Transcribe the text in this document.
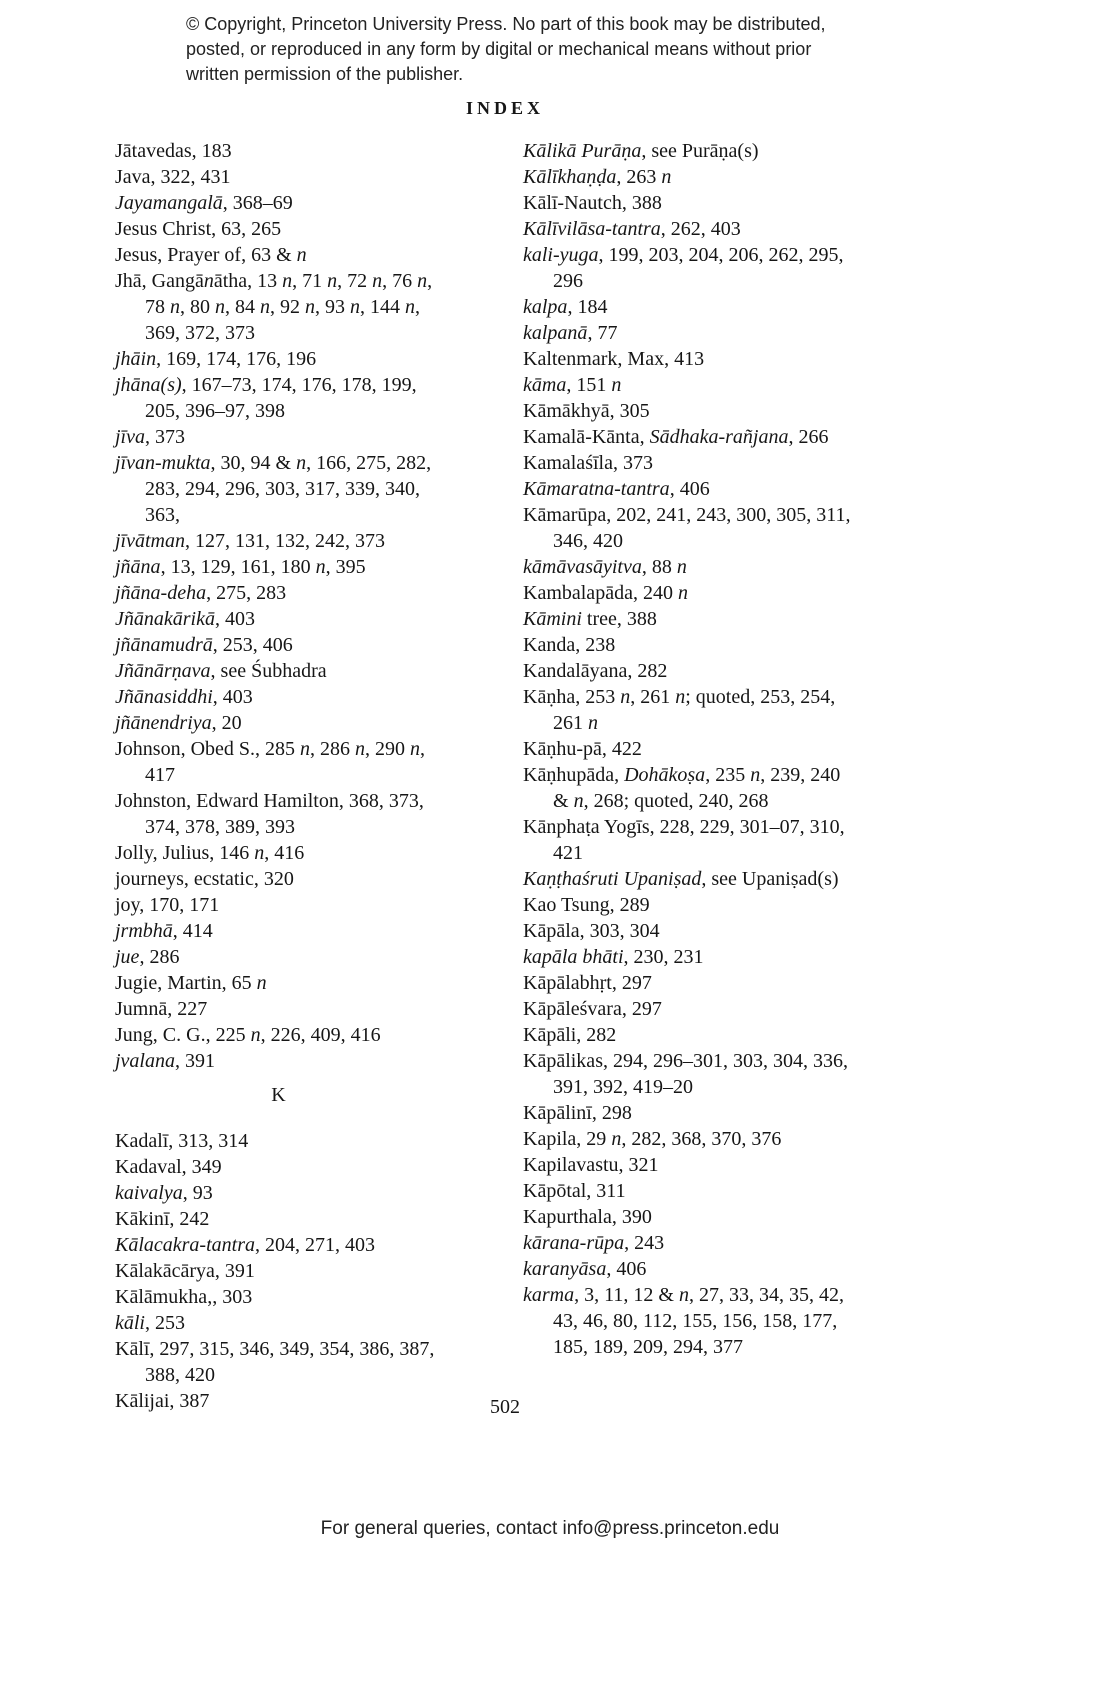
© Copyright, Princeton University Press. No part of this book may be distributed, posted, or reproduced in any form by digital or mechanical means without prior written permission of the publisher.

INDEX
Jātavedas, 183
Java, 322, 431
Jayamangalā, 368–69
Jesus Christ, 63, 265
Jesus, Prayer of, 63 & n
Jhā, Gangānātha, 13 n, 71 n, 72 n, 76 n, 78 n, 80 n, 84 n, 92 n, 93 n, 144 n, 369, 372, 373
jhāin, 169, 174, 176, 196
jhāna(s), 167–73, 174, 176, 178, 199, 205, 396–97, 398
jīva, 373
jīvan-mukta, 30, 94 & n, 166, 275, 282, 283, 294, 296, 303, 317, 339, 340, 363,
jīvātman, 127, 131, 132, 242, 373
jñāna, 13, 129, 161, 180 n, 395
jñāna-deha, 275, 283
Jñānakārikā, 403
jñānamudrā, 253, 406
Jñānārṇava, see Śubhadra
Jñānasiddhi, 403
jñānendriya, 20
Johnson, Obed S., 285 n, 286 n, 290 n, 417
Johnston, Edward Hamilton, 368, 373, 374, 378, 389, 393
Jolly, Julius, 146 n, 416
journeys, ecstatic, 320
joy, 170, 171
jrmbhā, 414
jue, 286
Jugie, Martin, 65 n
Jumnā, 227
Jung, C. G., 225 n, 226, 409, 416
jvalana, 391
K
Kadalī, 313, 314
Kadaval, 349
kaivalya, 93
Kākinī, 242
Kālacakra-tantra, 204, 271, 403
Kālakācārya, 391
Kālāmukha,, 303
kāli, 253
Kālī, 297, 315, 346, 349, 354, 386, 387, 388, 420
Kālijai, 387
Kālikā Purāṇa, see Purāṇa(s)
Kālīkhaṇḍa, 263 n
Kālī-Nautch, 388
Kālīvilāsa-tantra, 262, 403
kali-yuga, 199, 203, 204, 206, 262, 295, 296
kalpa, 184
kalpanā, 77
Kaltenmark, Max, 413
kāma, 151 n
Kāmākhyā, 305
Kamalā-Kānta, Sādhaka-rañjana, 266
Kamalaśīla, 373
Kāmaratna-tantra, 406
Kāmarūpa, 202, 241, 243, 300, 305, 311, 346, 420
kāmāvasāyitva, 88 n
Kambalapāda, 240 n
Kāmini tree, 388
Kanda, 238
Kandalāyana, 282
Kāṇha, 253 n, 261 n; quoted, 253, 254, 261 n
Kāṇhu-pā, 422
Kāṇhupāda, Dohākoṣa, 235 n, 239, 240 & n, 268; quoted, 240, 268
Kānphaṭa Yogīs, 228, 229, 301–07, 310, 421
Kaṇṭhaśruti Upaniṣad, see Upaniṣad(s)
Kao Tsung, 289
Kāpāla, 303, 304
kapāla bhāti, 230, 231
Kāpālabhṛt, 297
Kāpāleśvara, 297
Kāpāli, 282
Kāpālikas, 294, 296–301, 303, 304, 336, 391, 392, 419–20
Kāpālinī, 298
Kapila, 29 n, 282, 368, 370, 376
Kapilavastu, 321
Kāpōtal, 311
Kapurthala, 390
kārana-rūpa, 243
karanyāsa, 406
karma, 3, 11, 12 & n, 27, 33, 34, 35, 42, 43, 46, 80, 112, 155, 156, 158, 177, 185, 189, 209, 294, 377
502

For general queries, contact info@press.princeton.edu
